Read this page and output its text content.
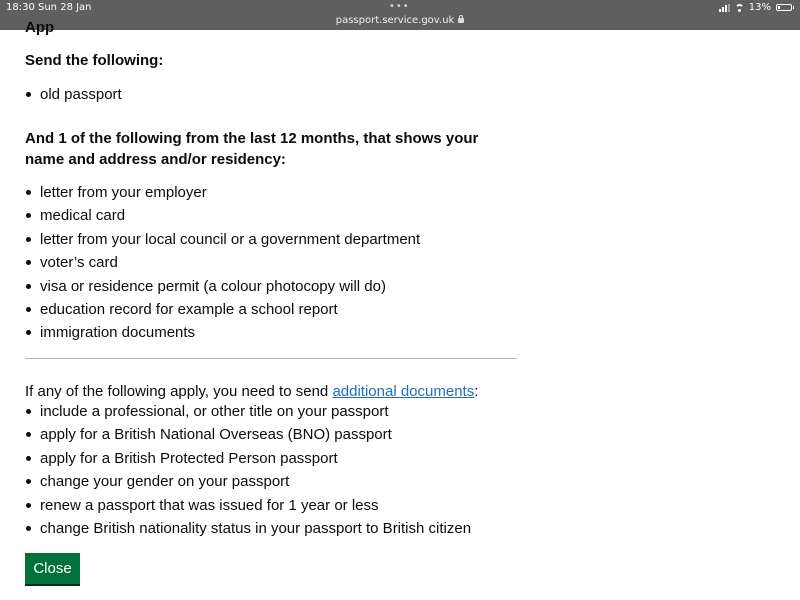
18:30 Sun 28 Jan	•••
passport.service.gov.uk
13%
App
Send the following:
old passport
And 1 of the following from the last 12 months, that shows your name and address and/or residency:
letter from your employer
medical card
letter from your local council or a government department
voter’s card
visa or residence permit (a colour photocopy will do)
education record for example a school report
immigration documents

If any of the following apply, you need to send additional documents:

include a professional, or other title on your passport
apply for a British National Overseas (BNO) passport
apply for a British Protected Person passport
change your gender on your passport
renew a passport that was issued for 1 year or less
change British nationality status in your passport to British citizen
Close
